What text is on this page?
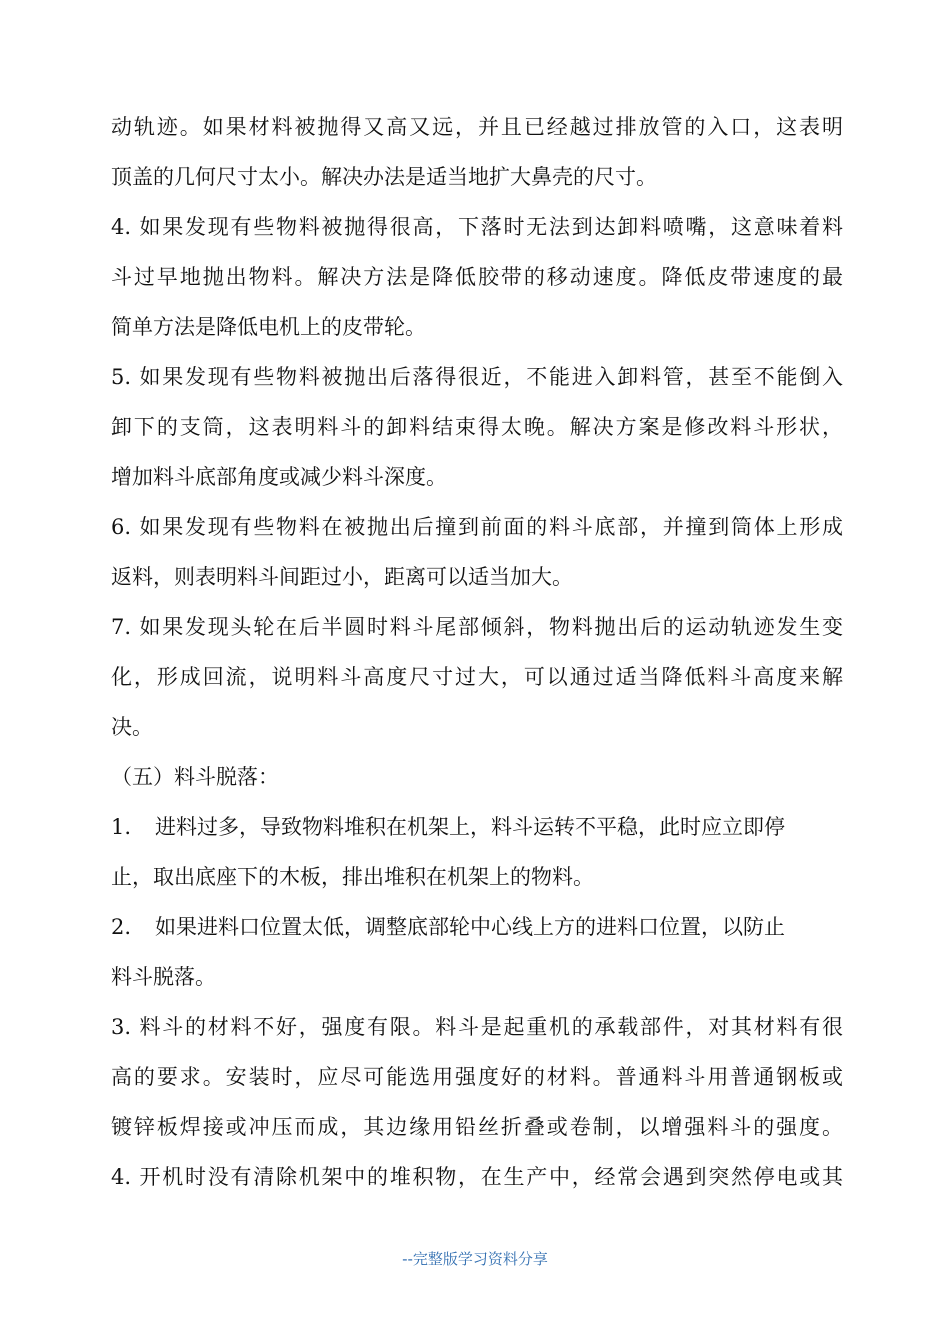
动轨迹。如果材料被抛得又高又远，并且已经越过排放管的入口，这表明
顶盖的几何尺寸太小。解决办法是适当地扩大鼻壳的尺寸。
4. 如果发现有些物料被抛得很高，下落时无法到达卸料喷嘴，这意味着料
斗过早地抛出物料。解决方法是降低胶带的移动速度。降低皮带速度的最
简单方法是降低电机上的皮带轮。
5. 如果发现有些物料被抛出后落得很近，不能进入卸料管，甚至不能倒入
卸下的支筒，这表明料斗的卸料结束得太晚。解决方案是修改料斗形状，
增加料斗底部角度或减少料斗深度。
6. 如果发现有些物料在被抛出后撞到前面的料斗底部，并撞到筒体上形成
返料，则表明料斗间距过小，距离可以适当加大。
7. 如果发现头轮在后半圆时料斗尾部倾斜，物料抛出后的运动轨迹发生变
化，形成回流，说明料斗高度尺寸过大，可以通过适当降低料斗高度来解
决。
（五）料斗脱落：
1. 进料过多，导致物料堆积在机架上，料斗运转不平稳，此时应立即停
止，取出底座下的木板，排出堆积在机架上的物料。
2. 如果进料口位置太低，调整底部轮中心线上方的进料口位置，以防止
料斗脱落。
3. 料斗的材料不好，强度有限。料斗是起重机的承载部件，对其材料有很
高的要求。安装时，应尽可能选用强度好的材料。普通料斗用普通钢板或
镀锌板焊接或冲压而成，其边缘用铅丝折叠或卷制，以增强料斗的强度。
4. 开机时没有清除机架中的堆积物，在生产中，经常会遇到突然停电或其
--完整版学习资料分享
